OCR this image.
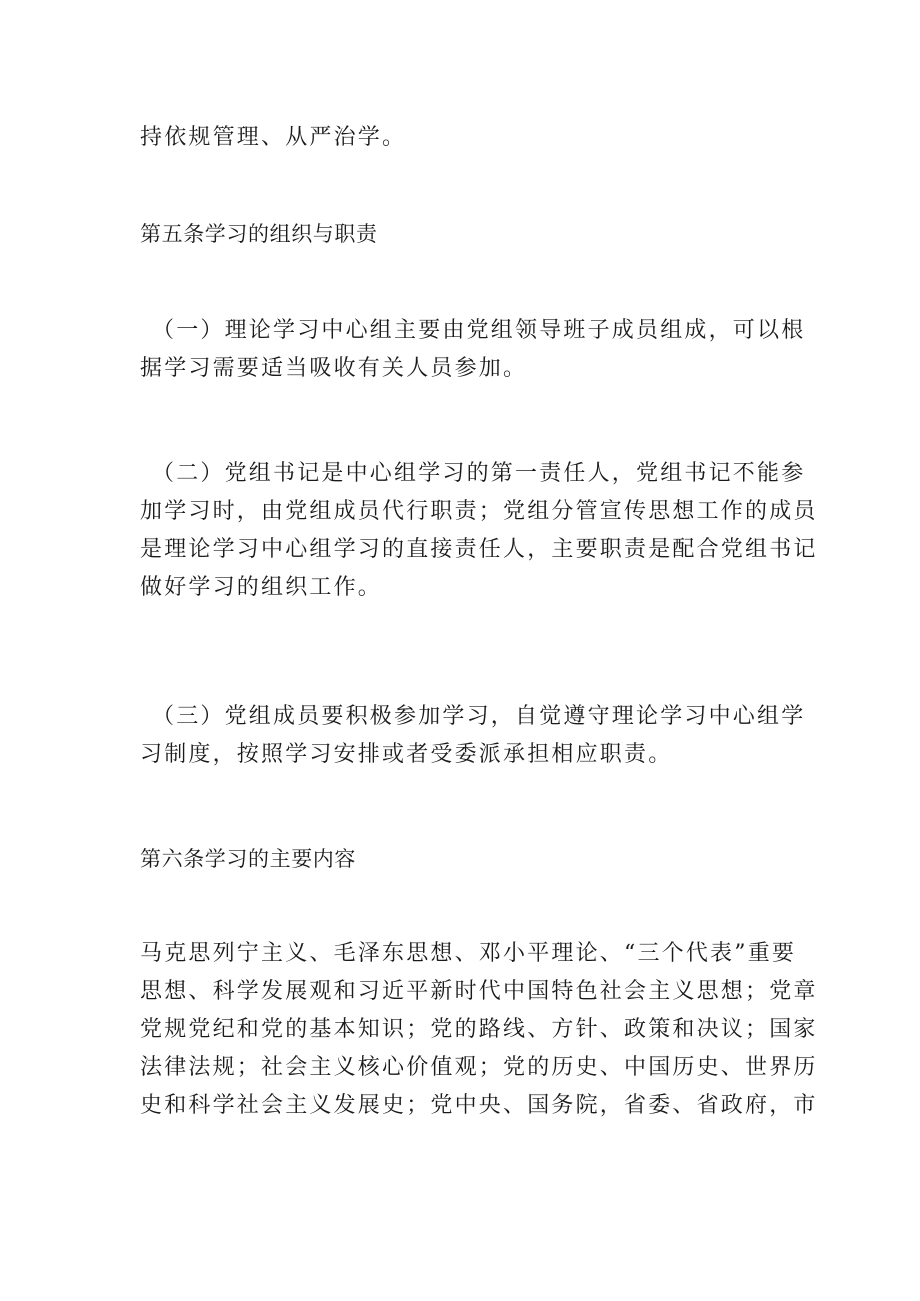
持依规管理、从严治学。
第五条学习的组织与职责
（一）理论学习中心组主要由党组领导班子成员组成，可以根
据学习需要适当吸收有关人员参加。
（二）党组书记是中心组学习的第一责任人，党组书记不能参
加学习时，由党组成员代行职责；党组分管宣传思想工作的成员
是理论学习中心组学习的直接责任人，主要职责是配合党组书记
做好学习的组织工作。
（三）党组成员要积极参加学习，自觉遵守理论学习中心组学
习制度，按照学习安排或者受委派承担相应职责。
第六条学习的主要内容
马克思列宁主义、毛泽东思想、邓小平理论、“三个代表”重要
思想、科学发展观和习近平新时代中国特色社会主义思想；党章
党规党纪和党的基本知识；党的路线、方针、政策和决议；国家
法律法规；社会主义核心价值观；党的历史、中国历史、世界历
史和科学社会主义发展史；党中央、国务院，省委、省政府，市
